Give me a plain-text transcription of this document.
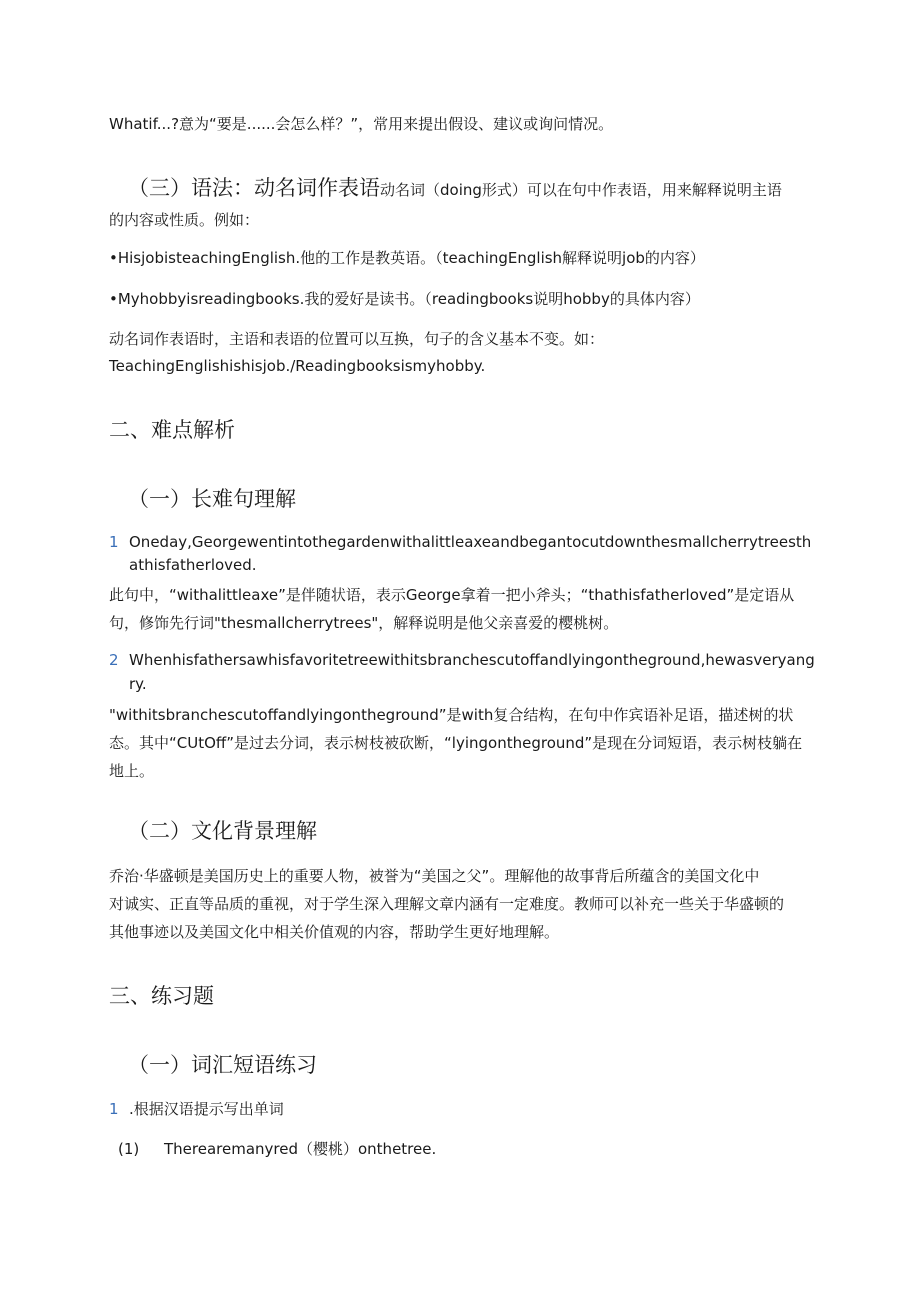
Whatif...?意为“要是......会怎么样？”，常用来提出假设、建议或询问情况。
（三）语法：动名词作表语动名词（doing形式）可以在句中作表语，用来解释说明主语
的内容或性质。例如：
•HisjobisteachingEnglish.他的工作是教英语。（teachingEnglish解释说明job的内容）
•Myhobbyisreadingbooks.我的爱好是读书。（readingbooks说明hobby的具体内容）
动名词作表语时，主语和表语的位置可以互换，句子的含义基本不变。如：
TeachingEnglishishisjob./Readingbooksismyhobby.
二、难点解析
（一）长难句理解
1 Oneday,Georgewentintothegardenwithalittleaxeandbegantocutdownthesmallcherrytreesth
athisfatherloved.
此句中，“withalittleaxe”是伴随状语，表示George拿着一把小斧头；“thathisfatherloved”是定语从
句，修饰先行词"thesmallcherrytrees"，解释说明是他父亲喜爱的樱桃树。
2 Whenhisfathersawhisfavoritetreewithitsbranchescutoffandlyingontheground,hewasveryang
ry.
"withitsbranchescutoffandlyingontheground”是with复合结构，在句中作宾语补足语，描述树的状
态。其中“CUtOff”是过去分词，表示树枝被砍断，“lyingontheground”是现在分词短语，表示树枝躺在
地上。
（二）文化背景理解
乔治·华盛顿是美国历史上的重要人物，被誉为“美国之父”。理解他的故事背后所蕴含的美国文化中
对诚实、正直等品质的重视，对于学生深入理解文章内涵有一定难度。教师可以补充一些关于华盛顿的
其他事迹以及美国文化中相关价值观的内容，帮助学生更好地理解。
三、练习题
（一）词汇短语练习
1 .根据汉语提示写出单词
(1) Therearemanyred（樱桃）onthetree.
